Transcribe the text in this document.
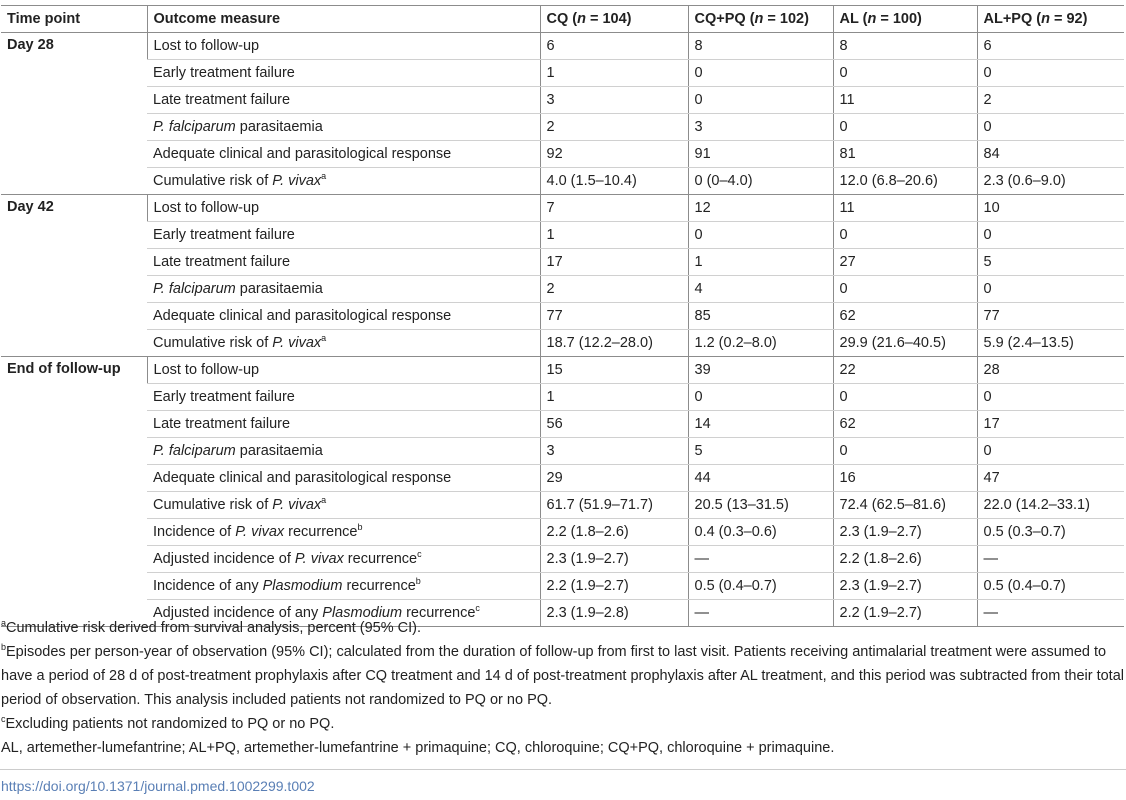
Time point	Outcome measure	CQ (n = 104)	CQ+PQ (n = 102)	AL (n = 100)	AL+PQ (n = 92)
Day 28	Lost to follow-up	6	8	8	6
	Early treatment failure	1	0	0	0
	Late treatment failure	3	0	11	2
	P. falciparum parasitaemia	2	3	0	0
	Adequate clinical and parasitological response	92	91	81	84
	Cumulative risk of P. vivax$^a$	4.0 (1.5–10.4)	0 (0–4.0)	12.0 (6.8–20.6)	2.3 (0.6–9.0)
Day 42	Lost to follow-up	7	12	11	10
	Early treatment failure	1	0	0	0
	Late treatment failure	17	1	27	5
	P. falciparum parasitaemia	2	4	0	0
	Adequate clinical and parasitological response	77	85	62	77
	Cumulative risk of P. vivax$^a$	18.7 (12.2–28.0)	1.2 (0.2–8.0)	29.9 (21.6–40.5)	5.9 (2.4–13.5)
End of follow-up	Lost to follow-up	15	39	22	28
	Early treatment failure	1	0	0	0
	Late treatment failure	56	14	62	17
	P. falciparum parasitaemia	3	5	0	0
	Adequate clinical and parasitological response	29	44	16	47
	Cumulative risk of P. vivax$^a$	61.7 (51.9–71.7)	20.5 (13–31.5)	72.4 (62.5–81.6)	22.0 (14.2–33.1)
	Incidence of P. vivax recurrence$^b$	2.2 (1.8–2.6)	0.4 (0.3–0.6)	2.3 (1.9–2.7)	0.5 (0.3–0.7)
	Adjusted incidence of P. vivax recurrence$^c$	2.3 (1.9–2.7)	—	2.2 (1.8–2.6)	—
	Incidence of any Plasmodium recurrence$^b$	2.2 (1.9–2.7)	0.5 (0.4–0.7)	2.3 (1.9–2.7)	0.5 (0.4–0.7)
	Adjusted incidence of any Plasmodium recurrence$^c$	2.3 (1.9–2.8)	—	2.2 (1.9–2.7)	—

$^a$Cumulative risk derived from survival analysis, percent (95% CI).

$^b$Episodes per person-year of observation (95% CI); calculated from the duration of follow-up from first to last visit. Patients receiving antimalarial treatment were assumed to have a period of 28 d of post-treatment prophylaxis after CQ treatment and 14 d of post-treatment prophylaxis after AL treatment, and this period was subtracted from their total period of observation. This analysis included patients not randomized to PQ or no PQ.

$^c$Excluding patients not randomized to PQ or no PQ.

AL, artemether-lumefantrine; AL+PQ, artemether-lumefantrine + primaquine; CQ, chloroquine; CQ+PQ, chloroquine + primaquine.

https://doi.org/10.1371/journal.pmed.1002299.t002
